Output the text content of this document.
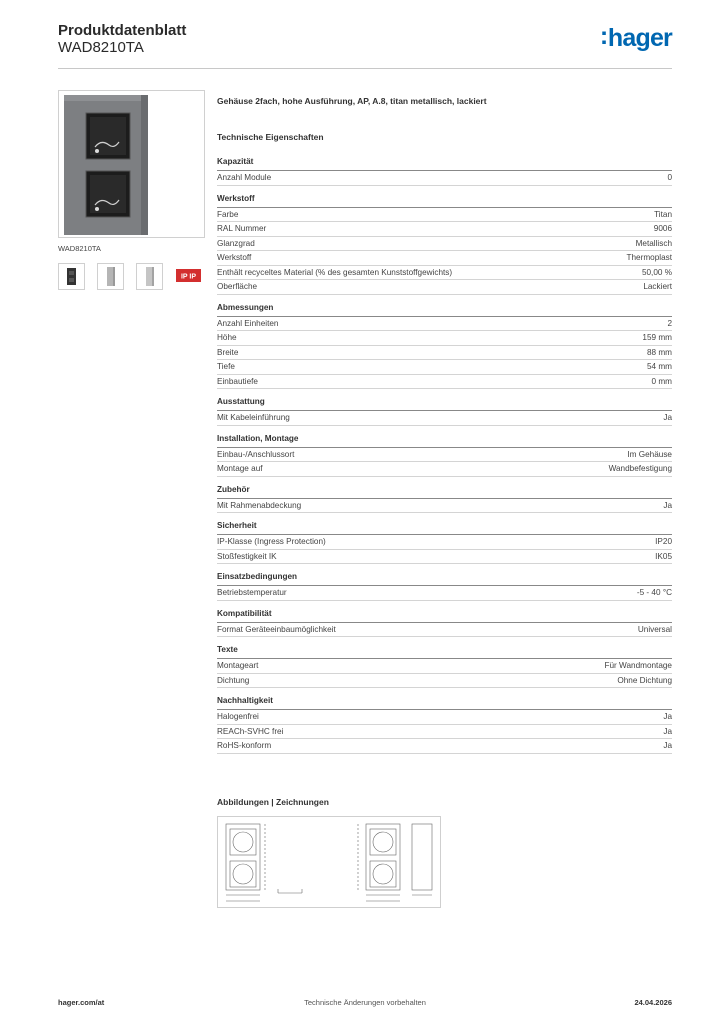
Produktdatenblatt
WAD8210TA	:hager
WAD8210TA
IP IP
Gehäuse 2fach, hohe Ausführung, AP, A.8, titan metallisch, lackiert
Technische Eigenschaften
Kapazität
Anzahl Module	0
Werkstoff
Farbe	Titan
RAL Nummer	9006
Glanzgrad	Metallisch
Werkstoff	Thermoplast
Enthält recyceltes Material (% des gesamten Kunststoffgewichts)	50,00 %
Oberfläche	Lackiert
Abmessungen
Anzahl Einheiten	2
Höhe	159 mm
Breite	88 mm
Tiefe	54 mm
Einbautiefe	0 mm
Ausstattung
Mit Kabeleinführung	Ja
Installation, Montage
Einbau-/Anschlussort	Im Gehäuse
Montage auf	Wandbefestigung
Zubehör
Mit Rahmenabdeckung	Ja
Sicherheit
IP-Klasse (Ingress Protection)	IP20
Stoßfestigkeit IK	IK05
Einsatzbedingungen
Betriebstemperatur	-5 - 40 °C
Kompatibilität
Format Geräteeinbaumöglichkeit	Universal
Texte
Montageart	Für Wandmontage
Dichtung	Ohne Dichtung
Nachhaltigkeit
Halogenfrei	Ja
REACh-SVHC frei	Ja
RoHS-konform	Ja
Abbildungen | Zeichnungen
hager.com/at	Technische Änderungen vorbehalten	24.04.2026
